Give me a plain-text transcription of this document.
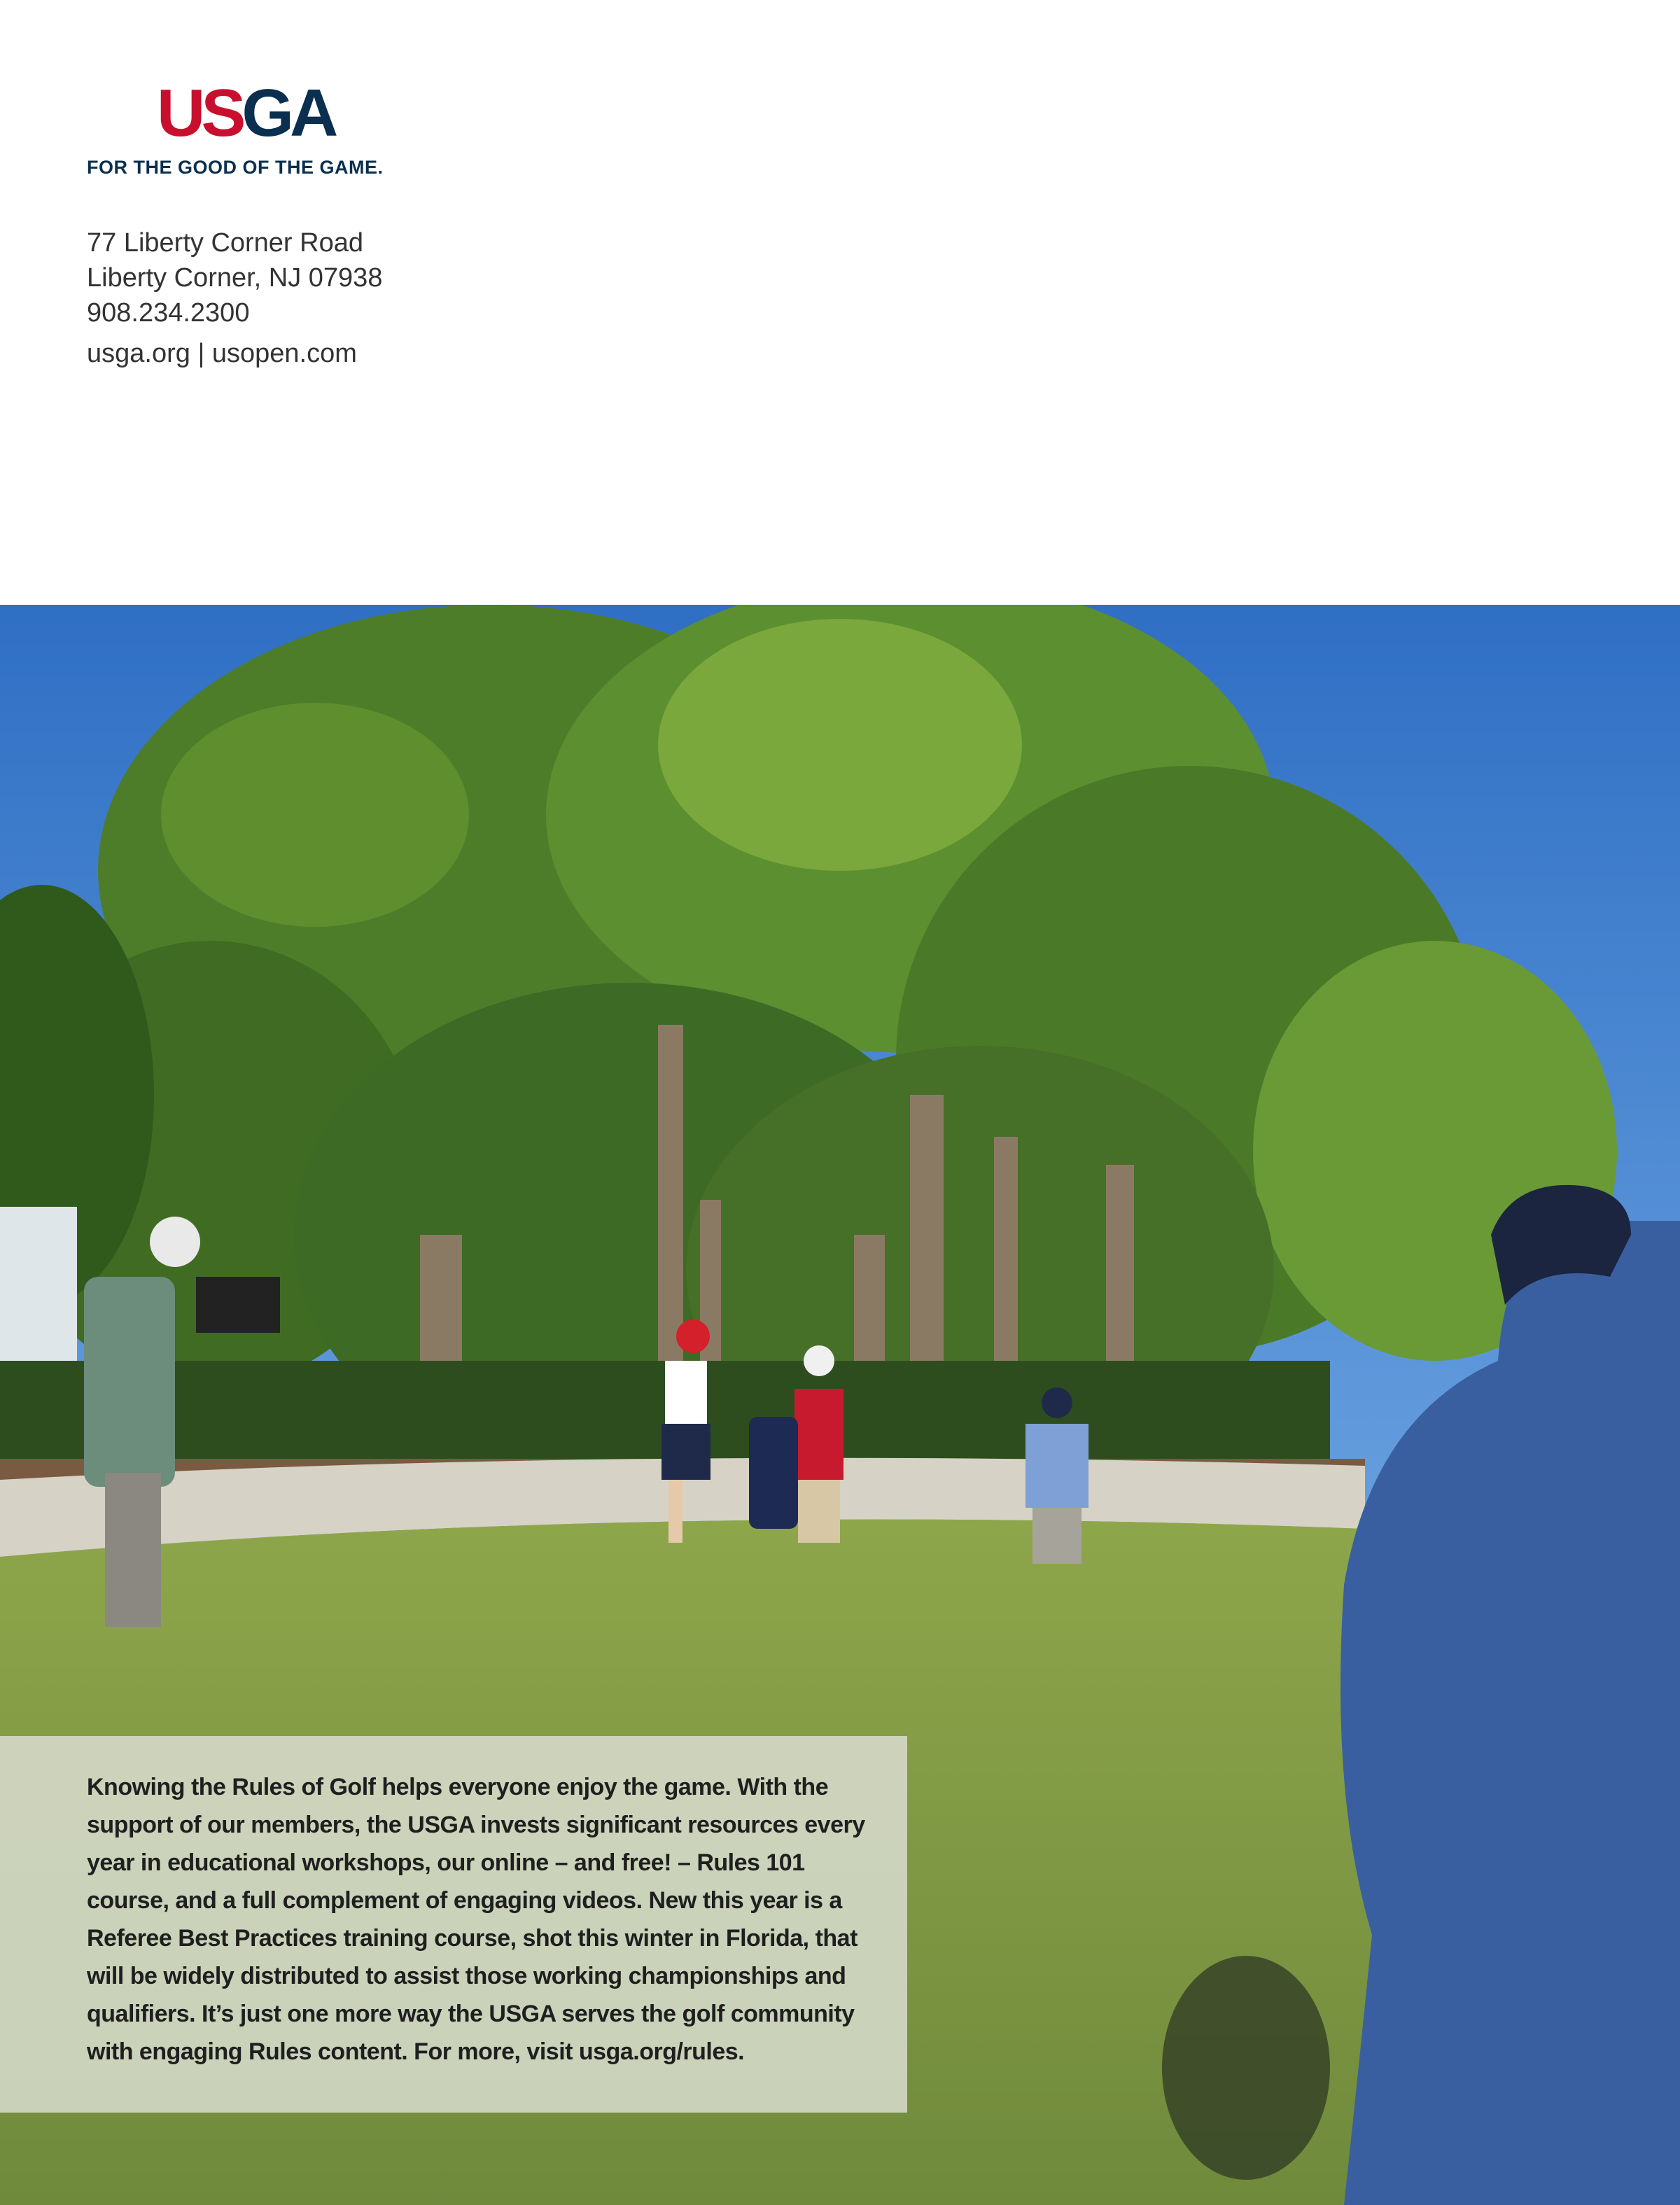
USGA
FOR THE GOOD OF THE GAME.
77 Liberty Corner Road
Liberty Corner, NJ 07938
908.234.2300
usga.org | usopen.com
Knowing the Rules of Golf helps everyone enjoy the game. With the support of our members, the USGA invests significant resources every year in educational workshops, our online – and free! – Rules 101 course, and a full complement of engaging videos. New this year is a Referee Best Practices training course, shot this winter in Florida, that will be widely distributed to assist those working championships and qualifiers. It’s just one more way the USGA serves the golf community with engaging Rules content. For more, visit usga.org/rules.
